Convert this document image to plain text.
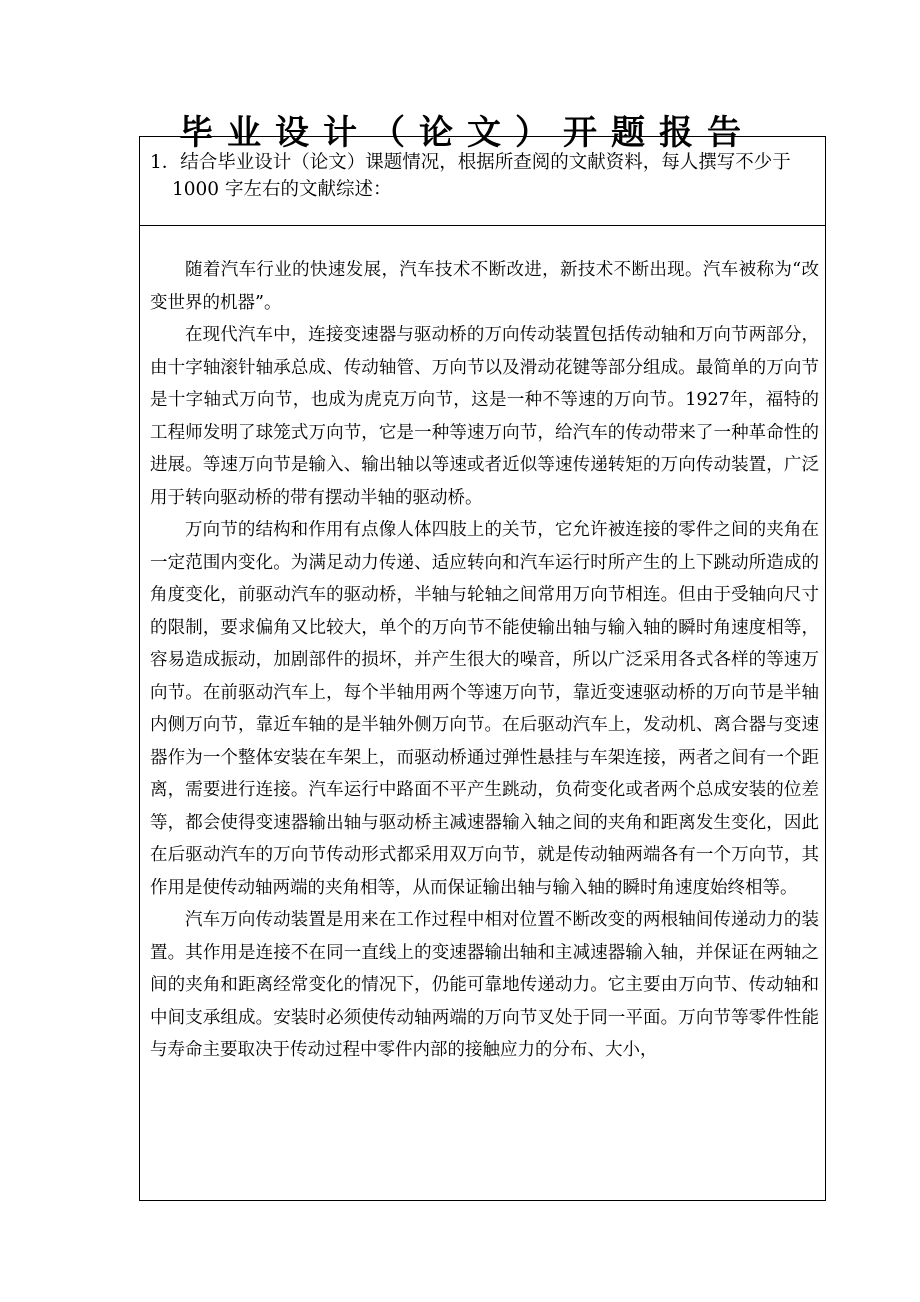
毕业设计（论文）开题报告
1．结合毕业设计（论文）课题情况，根据所查阅的文献资料，每人撰写不少于 1000 字左右的文献综述：

随着汽车行业的快速发展，汽车技术不断改进，新技术不断出现。汽车被称为“改变世界的机器”。

在现代汽车中，连接变速器与驱动桥的万向传动装置包括传动轴和万向节两部分，由十字轴滚针轴承总成、传动轴管、万向节以及滑动花键等部分组成。最简单的万向节是十字轴式万向节，也成为虎克万向节，这是一种不等速的万向节。1927年，福特的工程师发明了球笼式万向节，它是一种等速万向节，给汽车的传动带来了一种革命性的进展。等速万向节是输入、输出轴以等速或者近似等速传递转矩的万向传动装置，广泛用于转向驱动桥的带有摆动半轴的驱动桥。

万向节的结构和作用有点像人体四肢上的关节，它允许被连接的零件之间的夹角在一定范围内变化。为满足动力传递、适应转向和汽车运行时所产生的上下跳动所造成的角度变化，前驱动汽车的驱动桥，半轴与轮轴之间常用万向节相连。但由于受轴向尺寸的限制，要求偏角又比较大，单个的万向节不能使输出轴与输入轴的瞬时角速度相等，容易造成振动，加剧部件的损坏，并产生很大的噪音，所以广泛采用各式各样的等速万向节。在前驱动汽车上，每个半轴用两个等速万向节，靠近变速驱动桥的万向节是半轴内侧万向节，靠近车轴的是半轴外侧万向节。在后驱动汽车上，发动机、离合器与变速器作为一个整体安装在车架上，而驱动桥通过弹性悬挂与车架连接，两者之间有一个距离，需要进行连接。汽车运行中路面不平产生跳动，负荷变化或者两个总成安装的位差等，都会使得变速器输出轴与驱动桥主减速器输入轴之间的夹角和距离发生变化，因此在后驱动汽车的万向节传动形式都采用双万向节，就是传动轴两端各有一个万向节，其作用是使传动轴两端的夹角相等，从而保证输出轴与输入轴的瞬时角速度始终相等。

汽车万向传动装置是用来在工作过程中相对位置不断改变的两根轴间传递动力的装置。其作用是连接不在同一直线上的变速器输出轴和主减速器输入轴，并保证在两轴之间的夹角和距离经常变化的情况下，仍能可靠地传递动力。它主要由万向节、传动轴和中间支承组成。安装时必须使传动轴两端的万向节叉处于同一平面。万向节等零件性能与寿命主要取决于传动过程中零件内部的接触应力的分布、大小，
